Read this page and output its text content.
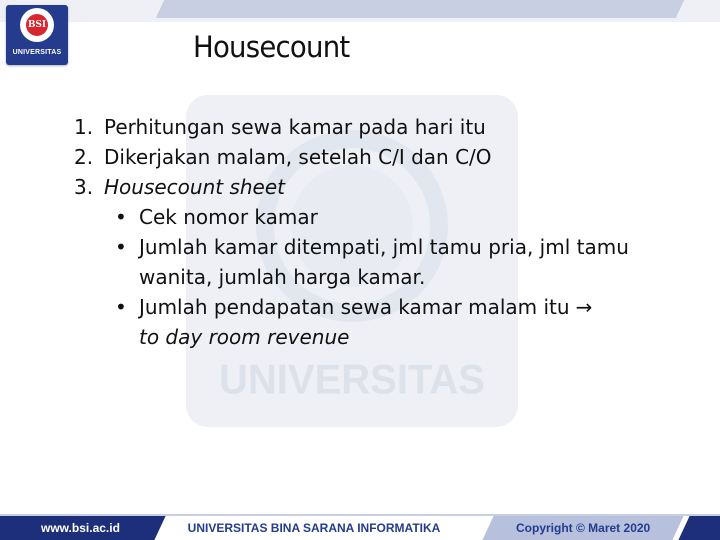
BSI
UNIVERSITAS
UNIVERSITAS
Housecount
1. Perhitungan sewa kamar pada hari itu
2. Dikerjakan malam, setelah C/I dan C/O
3. Housecount sheet
• Cek nomor kamar
• Jumlah kamar ditempati, jml tamu pria, jml tamu wanita, jumlah harga kamar.
• Jumlah pendapatan sewa kamar malam itu →
to day room revenue
www.bsi.ac.id	UNIVERSITAS BINA SARANA INFORMATIKA	Copyright © Maret 2020
